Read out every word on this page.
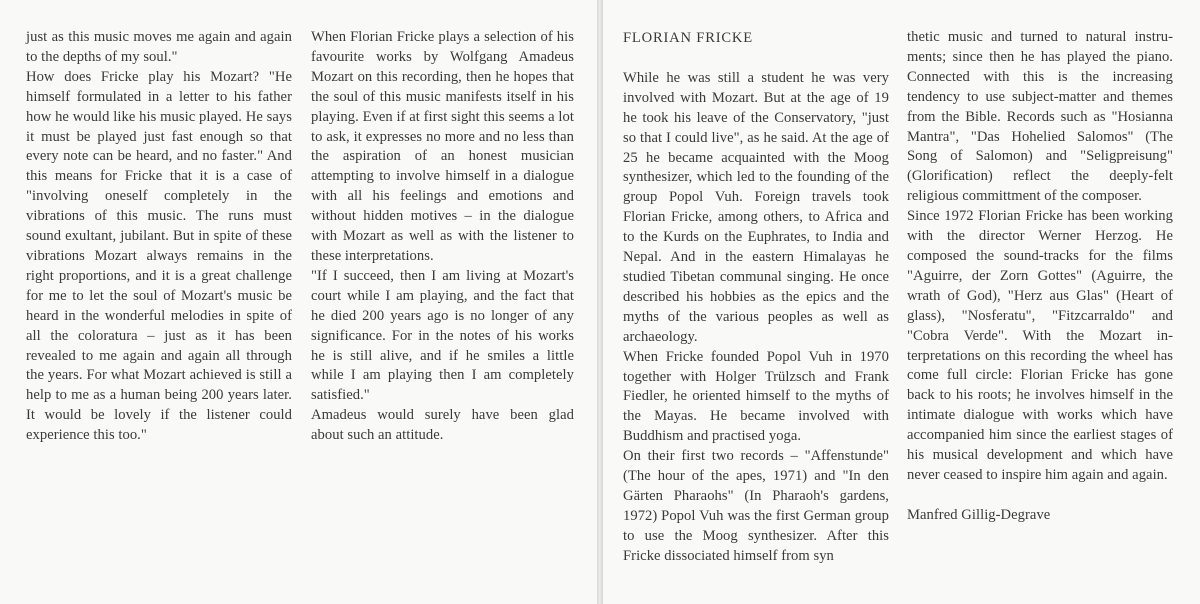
just as this music moves me again and again to the depths of my soul."

How does Fricke play his Mozart? "He himself formulated in a letter to his father how he would like his music played. He says it must be played just fast enough so that every note can be heard, and no faster." And this means for Fricke that it is a case of "involving oneself completely in the vibrations of this music. The runs must sound exultant, jubilant. But in spite of these vibrations Mozart always remains in the right proportions, and it is a great challenge for me to let the soul of Mozart's music be heard in the wonderful melodies in spite of all the coloratura – just as it has been revealed to me again and again all through the years. For what Mozart achieved is still a help to me as a human being 200 years later. It would be lovely if the listener could experience this too."

When Florian Fricke plays a selection of his favourite works by Wolfgang Amadeus Mozart on this recording, then he hopes that the soul of this music manifests itself in his playing. Even if at first sight this seems a lot to ask, it expresses no more and no less than the aspiration of an honest musician attempting to involve himself in a dialogue with all his feelings and emotions and without hidden motives – in the dialogue with Mozart as well as with the listener to these interpretations.

"If I succeed, then I am living at Mozart's court while I am playing, and the fact that he died 200 years ago is no longer of any significance. For in the notes of his works he is still alive, and if he smiles a little while I am playing then I am completely satisfied."

Amadeus would surely have been glad about such an attitude.

FLORIAN FRICKE

While he was still a student he was very involved with Mozart. But at the age of 19 he took his leave of the Conservatory, "just so that I could live", as he said. At the age of 25 he became acquainted with the Moog synthesizer, which led to the founding of the group Popol Vuh. Foreign travels took Florian Fricke, among others, to Africa and to the Kurds on the Euphrates, to India and Nepal. And in the eastern Himalayas he studied Tibetan communal singing. He once described his hobbies as the epics and the myths of the various peoples as well as archaeology.

When Fricke founded Popol Vuh in 1970 together with Holger Trülzsch and Frank Fiedler, he oriented himself to the myths of the Mayas. He became involved with Buddhism and practised yoga.

On their first two records – "Affenstunde" (The hour of the apes, 1971) and "In den Gärten Pharaohs" (In Pharaoh's gardens, 1972) Popol Vuh was the first German group to use the Moog synthesizer. After this Fricke dissociated himself from syn

thetic music and turned to natural instruments; since then he has played the piano. Connected with this is the increasing tendency to use subject-matter and themes from the Bible. Records such as "Hosianna Mantra", "Das Hohelied Salomos" (The Song of Salomon) and "Seligpreisung" (Glorification) reflect the deeply-felt religious committment of the composer.

Since 1972 Florian Fricke has been working with the director Werner Herzog. He composed the sound-tracks for the films "Aguirre, der Zorn Gottes" (Aguirre, the wrath of God), "Herz aus Glas" (Heart of glass), "Nosferatu", "Fitzcarraldo" and "Cobra Verde". With the Mozart interpretations on this recording the wheel has come full circle: Florian Fricke has gone back to his roots; he involves himself in the intimate dialogue with works which have accompanied him since the earliest stages of his musical development and which have never ceased to inspire him again and again.

Manfred Gillig-Degrave
